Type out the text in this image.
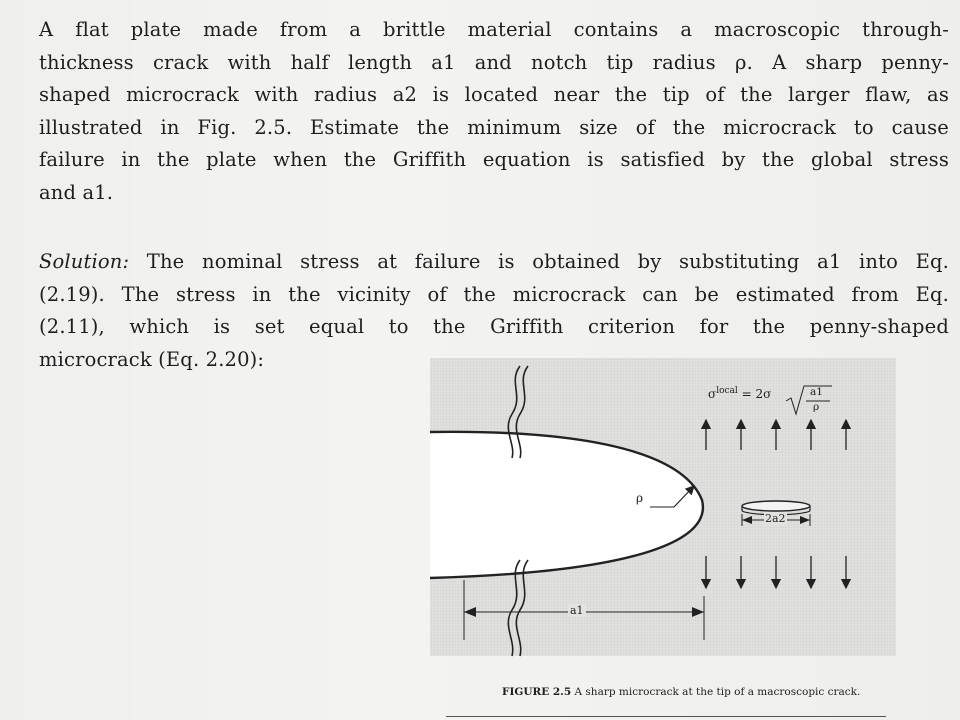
A flat plate made from a brittle material contains a macroscopic through-
thickness crack with half length a1 and notch tip radius ρ. A sharp penny-
shaped microcrack with radius a2 is located near the tip of the larger flaw, as
illustrated in Fig. 2.5. Estimate the minimum size of the microcrack to cause
failure in the plate when the Griffith equation is satisfied by the global stress
and a1.
Solution: The nominal stress at failure is obtained by substituting a1 into Eq.
(2.19). The stress in the vicinity of the microcrack can be estimated from Eq.
(2.11), which is set equal to the Griffith criterion for the penny-shaped
microcrack (Eq. 2.20):
$\sigma^{local} = 2\sigma$	a1
ρ
ρ
2a2
a1
FIGURE 2.5 A sharp microcrack at the tip of a macroscopic crack.
